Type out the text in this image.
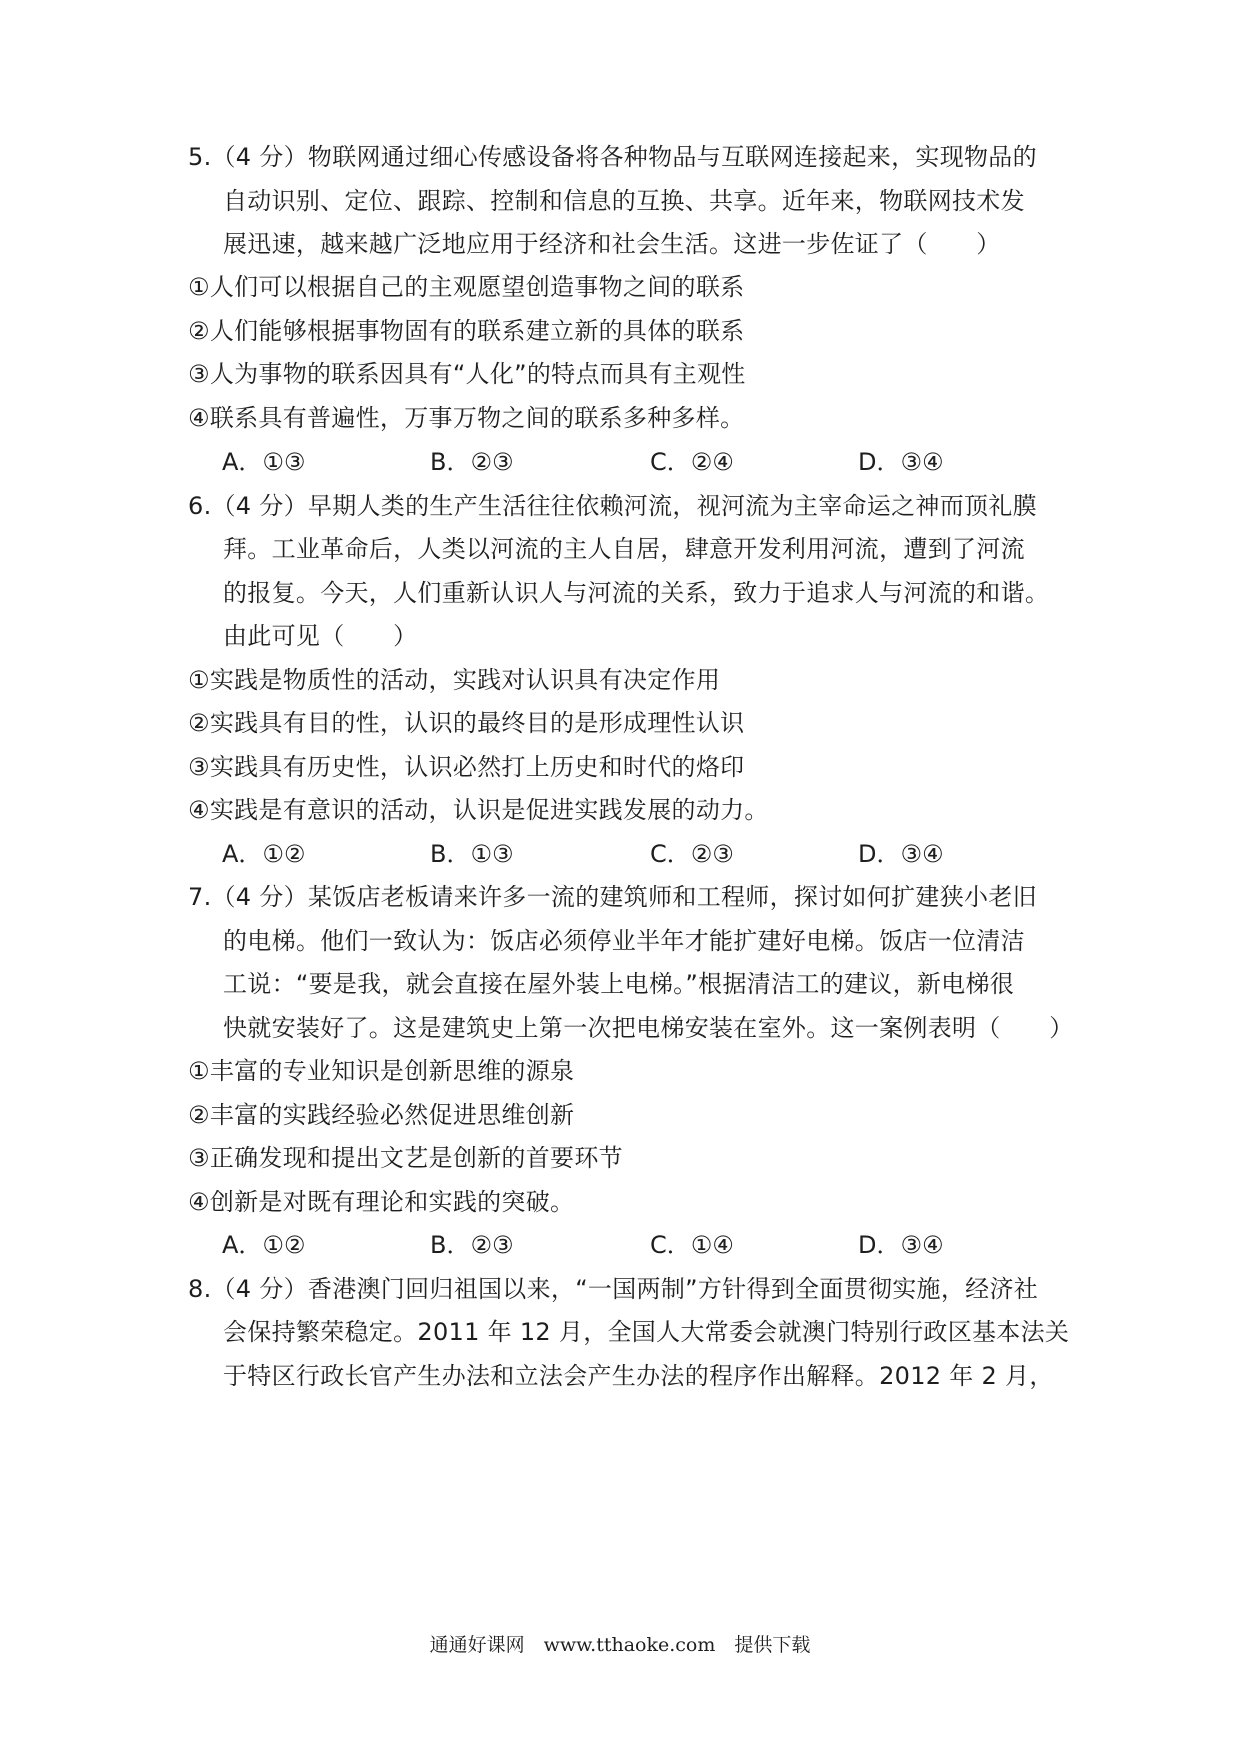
5.（4 分）物联网通过细心传感设备将各种物品与互联网连接起来，实现物品的
自动识别、定位、跟踪、控制和信息的互换、共享。近年来，物联网技术发
展迅速，越来越广泛地应用于经济和社会生活。这进一步佐证了（　　）
①人们可以根据自己的主观愿望创造事物之间的联系
②人们能够根据事物固有的联系建立新的具体的联系
③人为事物的联系因具有“人化”的特点而具有主观性
④联系具有普遍性，万事万物之间的联系多种多样。
A．①③	B．②③	C．②④	D．③④
6.（4 分）早期人类的生产生活往往依赖河流，视河流为主宰命运之神而顶礼膜
拜。工业革命后，人类以河流的主人自居，肆意开发利用河流，遭到了河流
的报复。今天，人们重新认识人与河流的关系，致力于追求人与河流的和谐。
由此可见（　　）
①实践是物质性的活动，实践对认识具有决定作用
②实践具有目的性，认识的最终目的是形成理性认识
③实践具有历史性，认识必然打上历史和时代的烙印
④实践是有意识的活动，认识是促进实践发展的动力。
A．①②	B．①③	C．②③	D．③④
7.（4 分）某饭店老板请来许多一流的建筑师和工程师，探讨如何扩建狭小老旧
的电梯。他们一致认为：饭店必须停业半年才能扩建好电梯。饭店一位清洁
工说：“要是我，就会直接在屋外装上电梯。”根据清洁工的建议，新电梯很
快就安装好了。这是建筑史上第一次把电梯安装在室外。这一案例表明（　　）
①丰富的专业知识是创新思维的源泉
②丰富的实践经验必然促进思维创新
③正确发现和提出文艺是创新的首要环节
④创新是对既有理论和实践的突破。
A．①②	B．②③	C．①④	D．③④
8.（4 分）香港澳门回归祖国以来，“一国两制”方针得到全面贯彻实施，经济社
会保持繁荣稳定。2011 年 12 月，全国人大常委会就澳门特别行政区基本法关
于特区行政长官产生办法和立法会产生办法的程序作出解释。2012 年 2 月，
通通好课网　www.tthaoke.com　提供下载
